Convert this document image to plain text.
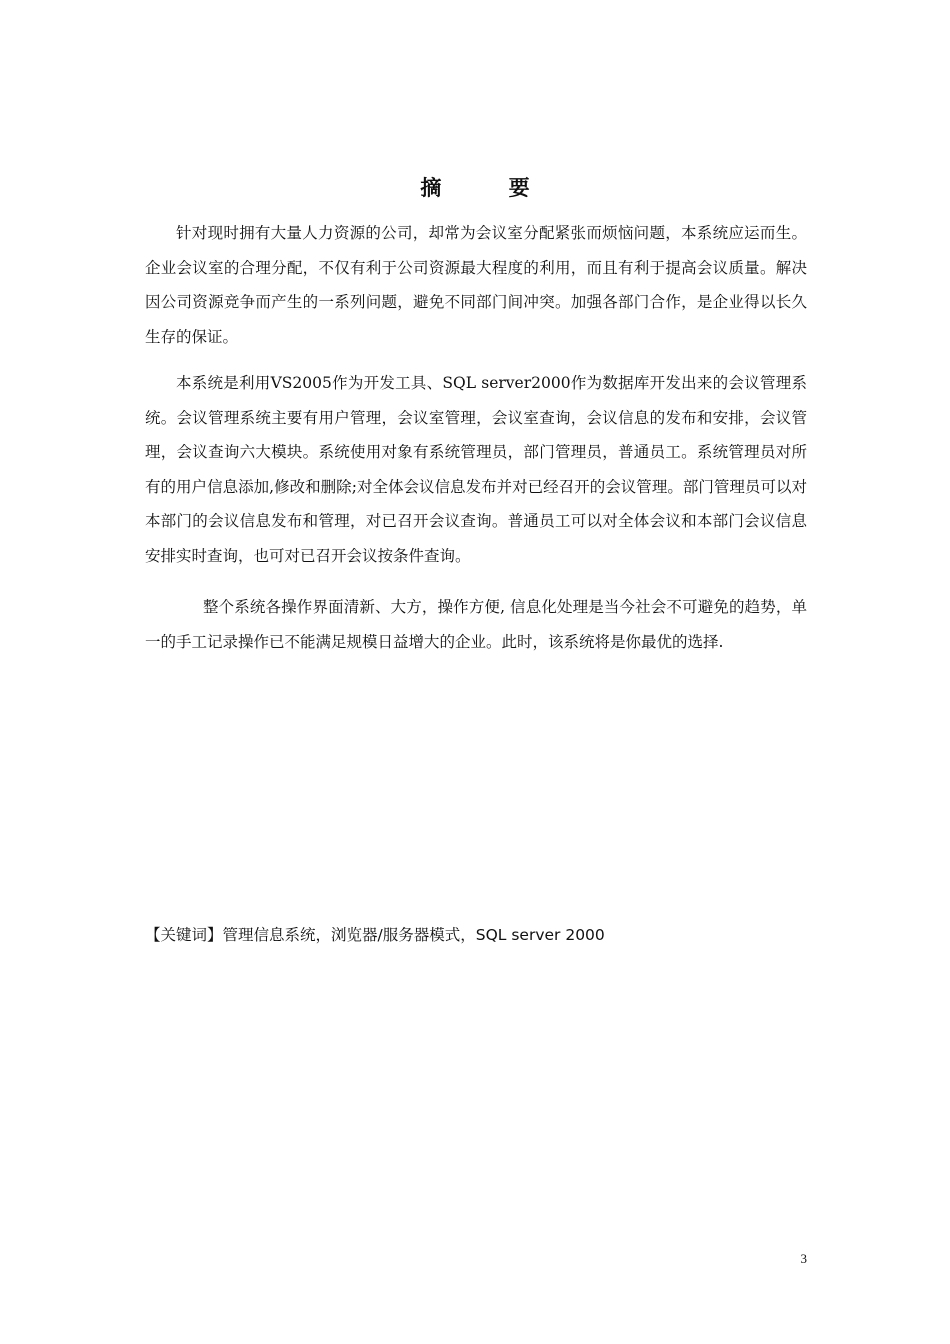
摘 要

针对现时拥有大量人力资源的公司，却常为会议室分配紧张而烦恼问题，本系统应运而生。企业会议室的合理分配，不仅有利于公司资源最大程度的利用，而且有利于提高会议质量。解决因公司资源竞争而产生的一系列问题，避免不同部门间冲突。加强各部门合作，是企业得以长久生存的保证。

本系统是利用VS2005作为开发工具、SQL server2000作为数据库开发出来的会议管理系统。会议管理系统主要有用户管理，会议室管理，会议室查询，会议信息的发布和安排，会议管理，会议查询六大模块。系统使用对象有系统管理员，部门管理员，普通员工。系统管理员对所有的用户信息添加,修改和删除;对全体会议信息发布并对已经召开的会议管理。部门管理员可以对本部门的会议信息发布和管理，对已召开会议查询。普通员工可以对全体会议和本部门会议信息安排实时查询，也可对已召开会议按条件查询。

整个系统各操作界面清新、大方，操作方便, 信息化处理是当今社会不可避免的趋势，单一的手工记录操作已不能满足规模日益增大的企业。此时，该系统将是你最优的选择.

【关键词】管理信息系统，浏览器/服务器模式，SQL server 2000
3
